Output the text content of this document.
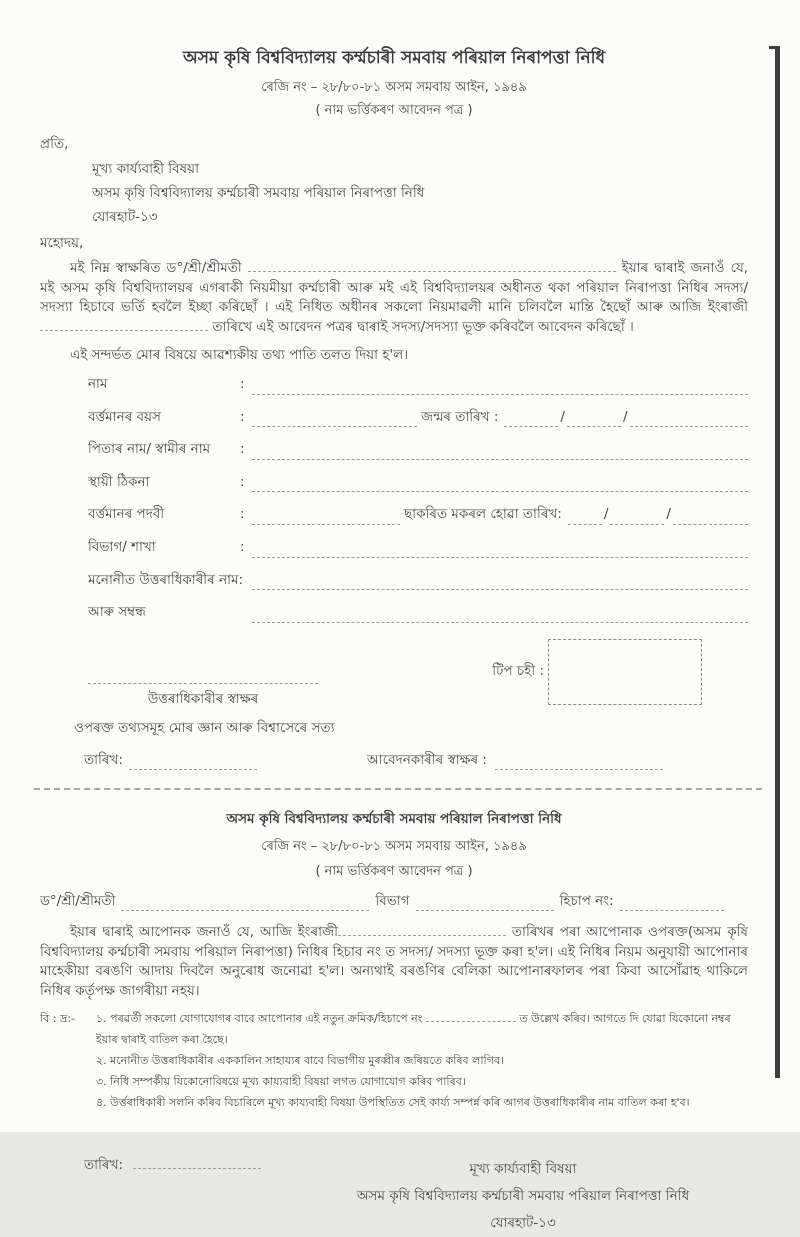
অসম কৃষি বিশ্ববিদ্যালয় কর্ম্মচাৰী সমবায় পৰিয়াল নিৰাপত্তা নিধি
ৰেজি নং – ২৮/৮০-৮১ অসম সমবায় আইন, ১৯৪৯
( নাম ভর্ত্তিকৰণ আবেদন পত্র )
প্রতি,
মূখ্য কার্য্যবাহী বিষয়া
অসম কৃষি বিশ্ববিদ্যালয় কর্ম্মচাৰী সমবায় পৰিয়াল নিৰাপত্তা নিধি
যোৰহাট-১৩
মহোদয়,

মই নিম্ন স্বাক্ষৰিত ড°/শ্রী/শ্রীমতী	ইয়াৰ দ্বাৰাই জনাওঁ যে, মই অসম কৃষি বিশ্ববিদ্যালয়ৰ এগৰাকী নিয়মীয়া কর্ম্মচাৰী আৰু মই এই বিশ্ববিদ্যালয়ৰ অধীনত থকা পৰিয়াল নিৰাপত্তা নিধিৰ সদস্য/সদস্যা হিচাবে ভর্তি হবলৈ ইচ্ছা কৰিছোঁ । এই নিধিত অধীনৰ সকলো নিয়মাৱলী মানি চলিবলৈ মান্তি হৈছোঁ আৰু আজি ইংৰাজী  তাৰিখে এই আবেদন পত্রৰ দ্বাৰাই সদস্য/সদস্যা ভূক্ত কৰিবলৈ আবেদন কৰিছোঁ ।

এই সন্দর্ভত মোৰ বিষয়ে আৱশ্যকীয় তথ্য পাতি তলত দিয়া হ'ল।
নাম	:
বর্ত্তমানৰ বয়স	:	জন্মৰ তাৰিখ :	/	/
পিতাৰ নাম/ স্বামীৰ নাম	:
স্থায়ী ঠিকনা	:
বর্ত্তমানৰ পদবী	:	ছাকৰিত মকৰল হোৱা তাৰিখ:	/	/
বিভাগ/ শাখা	:
মনোনীত উত্তৰাধিকাৰীৰ নাম:
আৰু সম্বন্ধ
উত্তৰাধিকাৰীৰ স্বাক্ষৰ
টিপ চহী :
ওপৰক্ত তথ্যসমূহ মোৰ জ্ঞান আৰু বিশ্বাসেৰে সত্য
তাৰিখ:	আবেদনকাৰীৰ স্বাক্ষৰ :
অসম কৃষি বিশ্ববিদ্যালয় কর্ম্মচাৰী সমবায় পৰিয়াল নিৰাপত্তা নিধি
ৰেজি নং – ২৮/৮০-৮১ অসম সমবায় আইন, ১৯৪৯
( নাম ভর্ত্তিকৰণ আবেদন পত্র )
ড°/শ্রী/শ্রীমতী	বিভাগ	হিচাপ নং:

ইয়াৰ দ্বাৰাই আপোনক জনাওঁ যে, আজি ইংৰাজী	তাৰিখৰ পৰা আপোনাক ওপৰক্ত(অসম কৃষি বিশ্ববিদ্যালয় কর্ম্মচাৰী সমবায় পৰিয়াল নিৰাপত্তা) নিধিৰ হিচাব নং ত সদস্য/ সদস্যা ভূক্ত কৰা হ'ল। এই নিধিৰ নিয়ম অনুযায়ী আপোনাৰ মাহেকীয়া বৰঙণি আদায় দিবলৈ অনুৰোধ জনোৱা হ'ল। অন্যথাই বৰঙণিৰ বেলিকা আপোনাৰফালৰ পৰা কিবা আসোঁৱাহ থাকিলে নিধিৰ কর্তৃপক্ষ জাগৰীয়া নহয়।

বি : দ্র:-	১. পৰৱর্তী সকলো যোগাযোগৰ বাবে আপোনাৰ এই নতুন ক্রমিক/হিচাপে নং	ত উল্লেখ কৰিব। আগতে দি যোৱা যিকোনো নম্বৰ ইয়াৰ দ্বাৰাই বাতিল কৰা হৈছে।
২. মনোনীত উত্তৰাধিকাৰীৰ এককালিন সাহায্যৰ বাবে বিভাগীয় মুৰব্বীৰ জৰিয়তে কৰিব লাগিব।
৩. নিধি সম্পর্কীয় যিকোনোবিষয়ে মূখ্য কায্যবাহী বিষয়া লগত যোগাযোগ কৰিব পাৰিব।
৪. উর্ত্তৰাধিকাৰী সলনি কৰিব বিচাৰিলে মূখ্য কায্যবাহী বিষয়া উপস্থিতিত সেই কার্য্য সম্পর্ন্ন কৰি আগৰ উত্তৰাধিকাৰীৰ নাম বাতিল কৰা হ'ব।
তাৰিখ:	মূখ্য কার্য্যবাহী বিষয়া
অসম কৃষি বিশ্ববিদ্যালয় কর্ম্মচাৰী সমবায় পৰিয়াল নিৰাপত্তা নিধি
যোৰহাট-১৩
